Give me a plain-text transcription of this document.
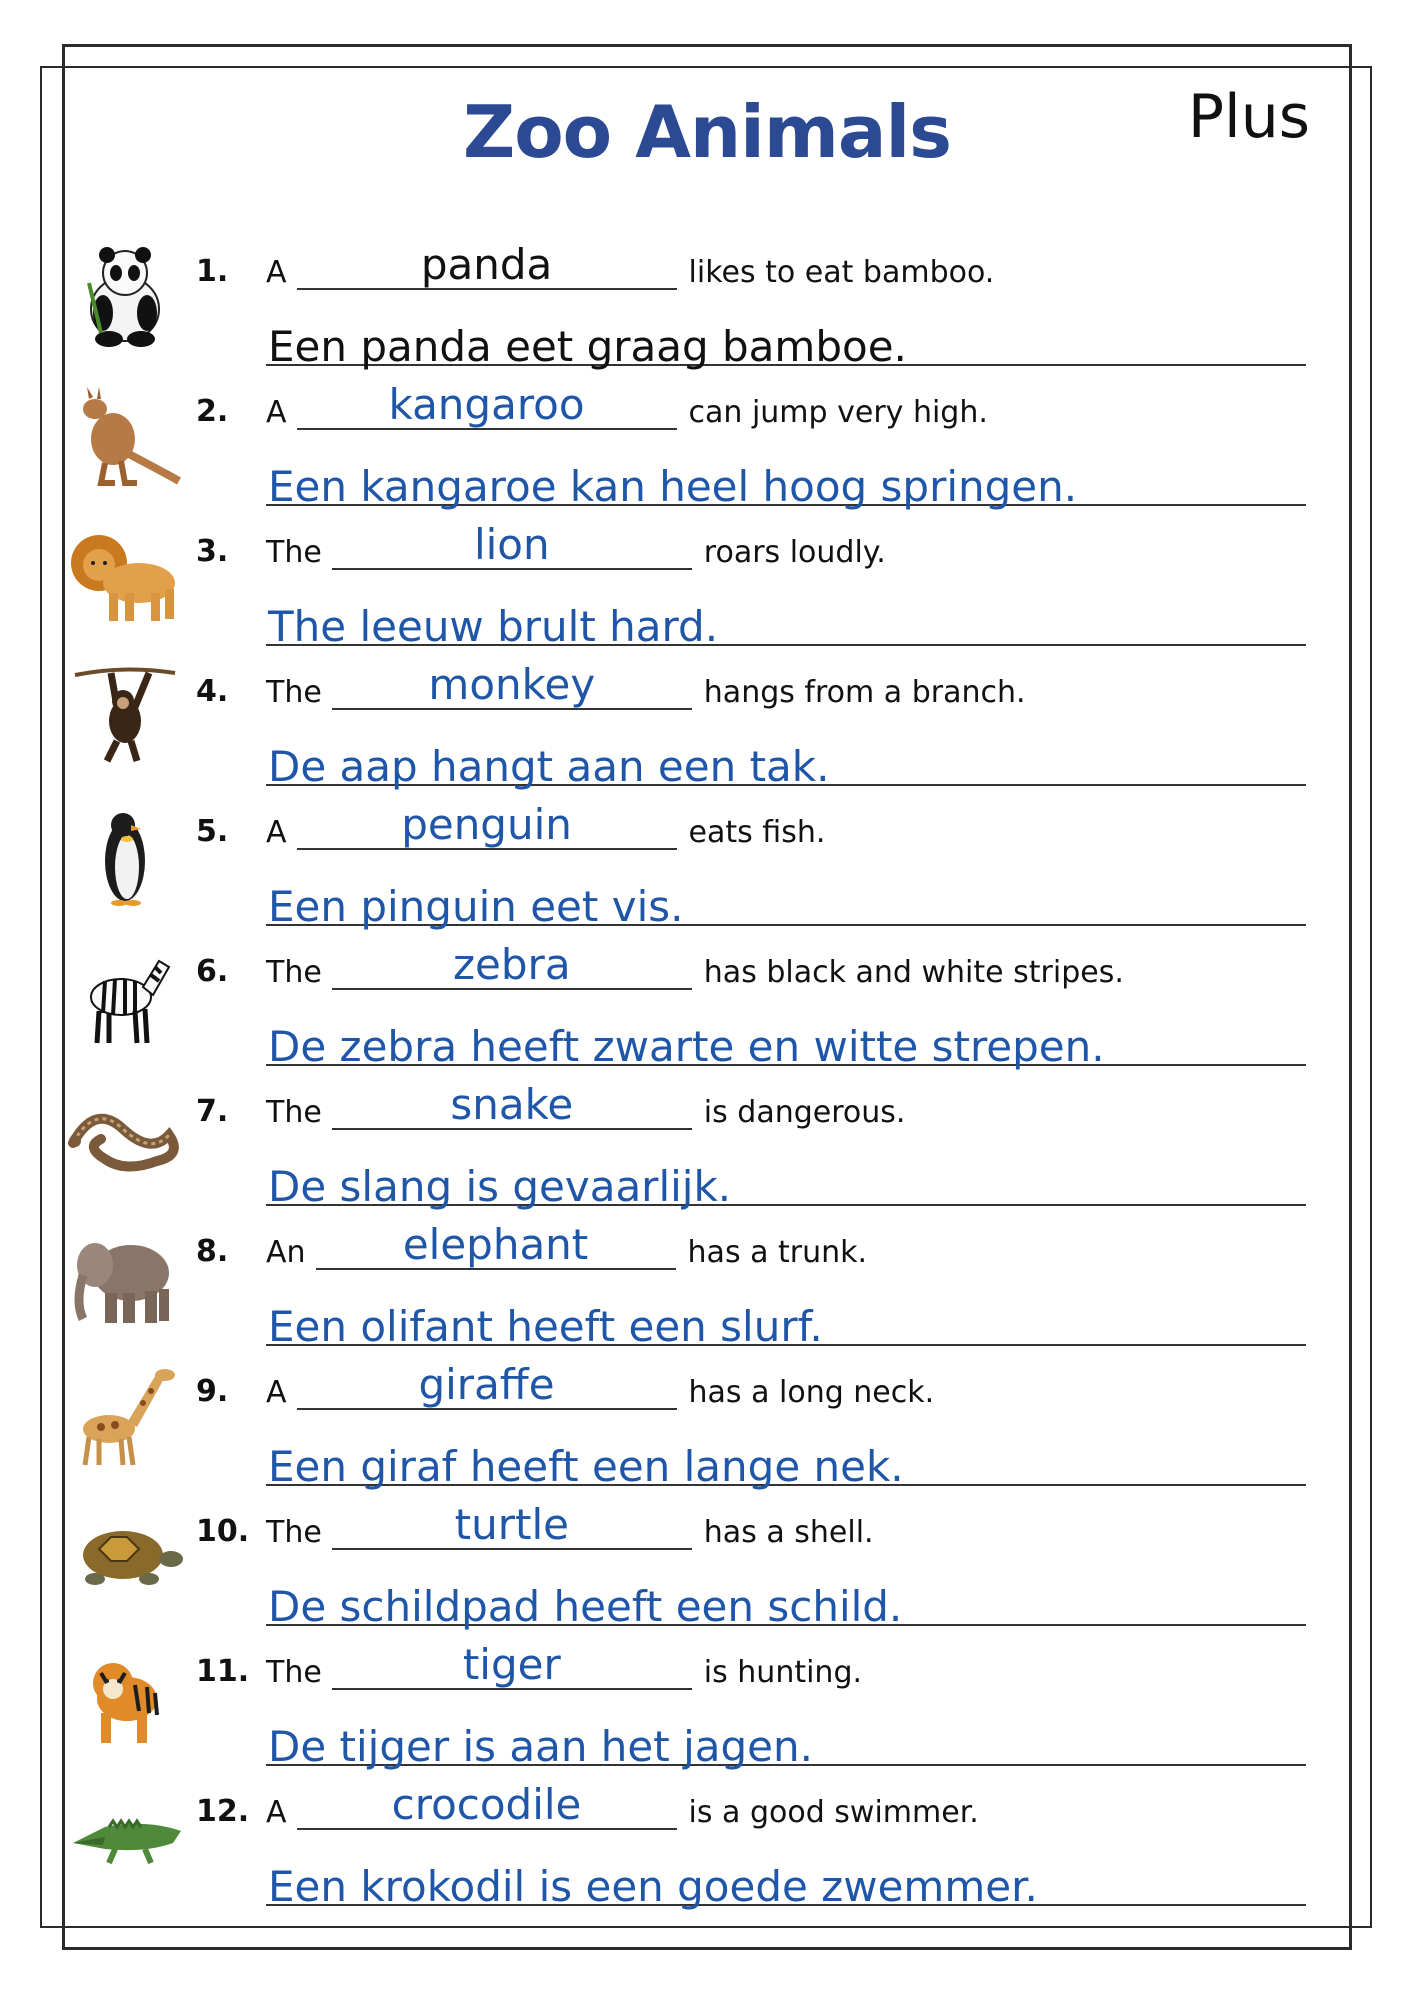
Zoo Animals	Plus
1.	A	panda	likes to eat bamboo.
Een panda eet graag bamboe.
2.	A	kangaroo	can jump very high.
Een kangaroe kan heel hoog springen.
3.	The	lion	roars loudly.
The leeuw brult hard.
4.	The	monkey	hangs from a branch.
De aap hangt aan een tak.
5.	A	penguin	eats fish.
Een pinguin eet vis.
6.	The	zebra	has black and white stripes.
De zebra heeft zwarte en witte strepen.
7.	The	snake	is dangerous.
De slang is gevaarlijk.
8.	An	elephant	has a trunk.
Een olifant heeft een slurf.
9.	A	giraffe	has a long neck.
Een giraf heeft een lange nek.
10. The	turtle	has a shell.
De schildpad heeft een schild.
11. The	tiger	is hunting.
De tijger is aan het jagen.
12. A	crocodile	is a good swimmer.
Een krokodil is een goede zwemmer.
